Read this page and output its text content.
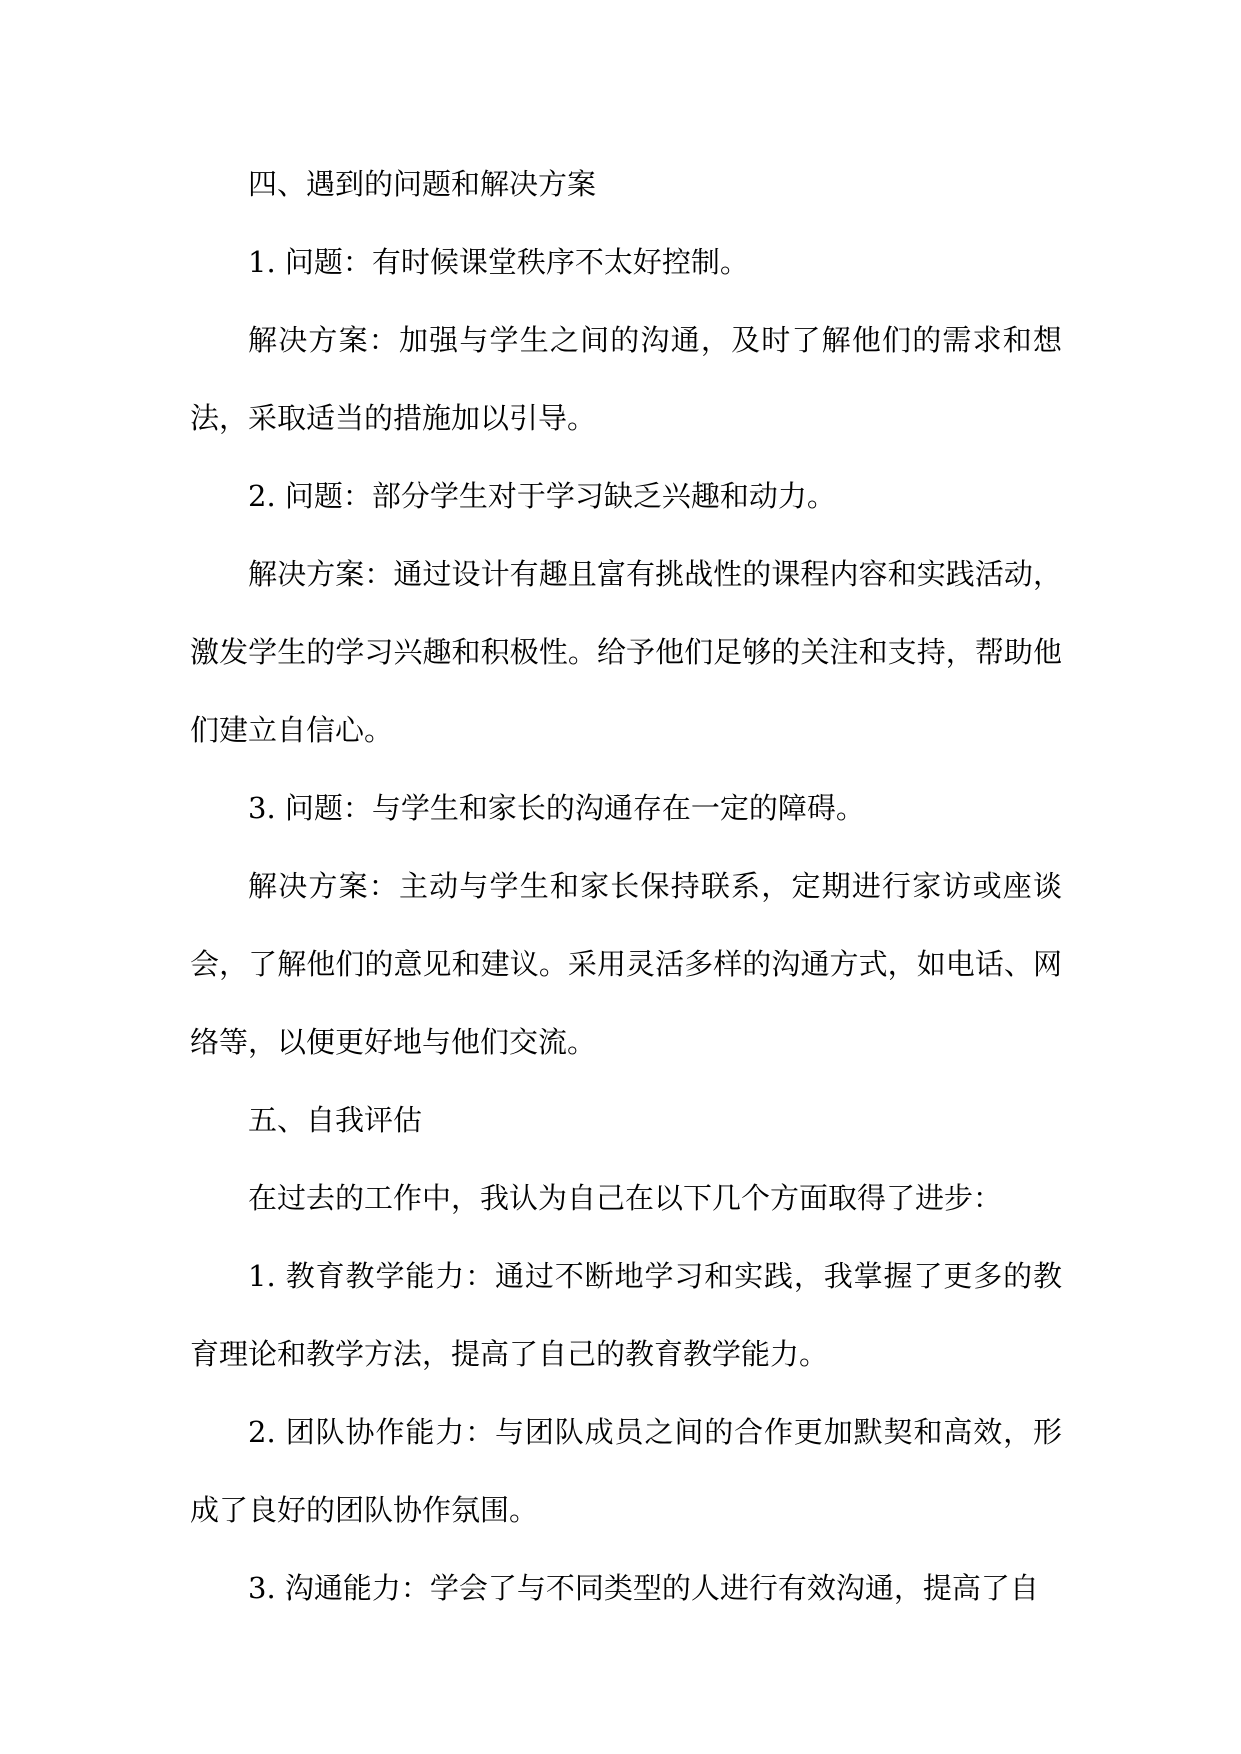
四、遇到的问题和解决方案

1. 问题：有时候课堂秩序不太好控制。

解决方案：加强与学生之间的沟通，及时了解他们的需求和想法，采取适当的措施加以引导。

2. 问题：部分学生对于学习缺乏兴趣和动力。

解决方案：通过设计有趣且富有挑战性的课程内容和实践活动，激发学生的学习兴趣和积极性。给予他们足够的关注和支持，帮助他们建立自信心。

3. 问题：与学生和家长的沟通存在一定的障碍。

解决方案：主动与学生和家长保持联系，定期进行家访或座谈会，了解他们的意见和建议。采用灵活多样的沟通方式，如电话、网络等，以便更好地与他们交流。

五、自我评估

在过去的工作中，我认为自己在以下几个方面取得了进步：

1. 教育教学能力：通过不断地学习和实践，我掌握了更多的教育理论和教学方法，提高了自己的教育教学能力。

2. 团队协作能力：与团队成员之间的合作更加默契和高效，形成了良好的团队协作氛围。

3. 沟通能力：学会了与不同类型的人进行有效沟通，提高了自
